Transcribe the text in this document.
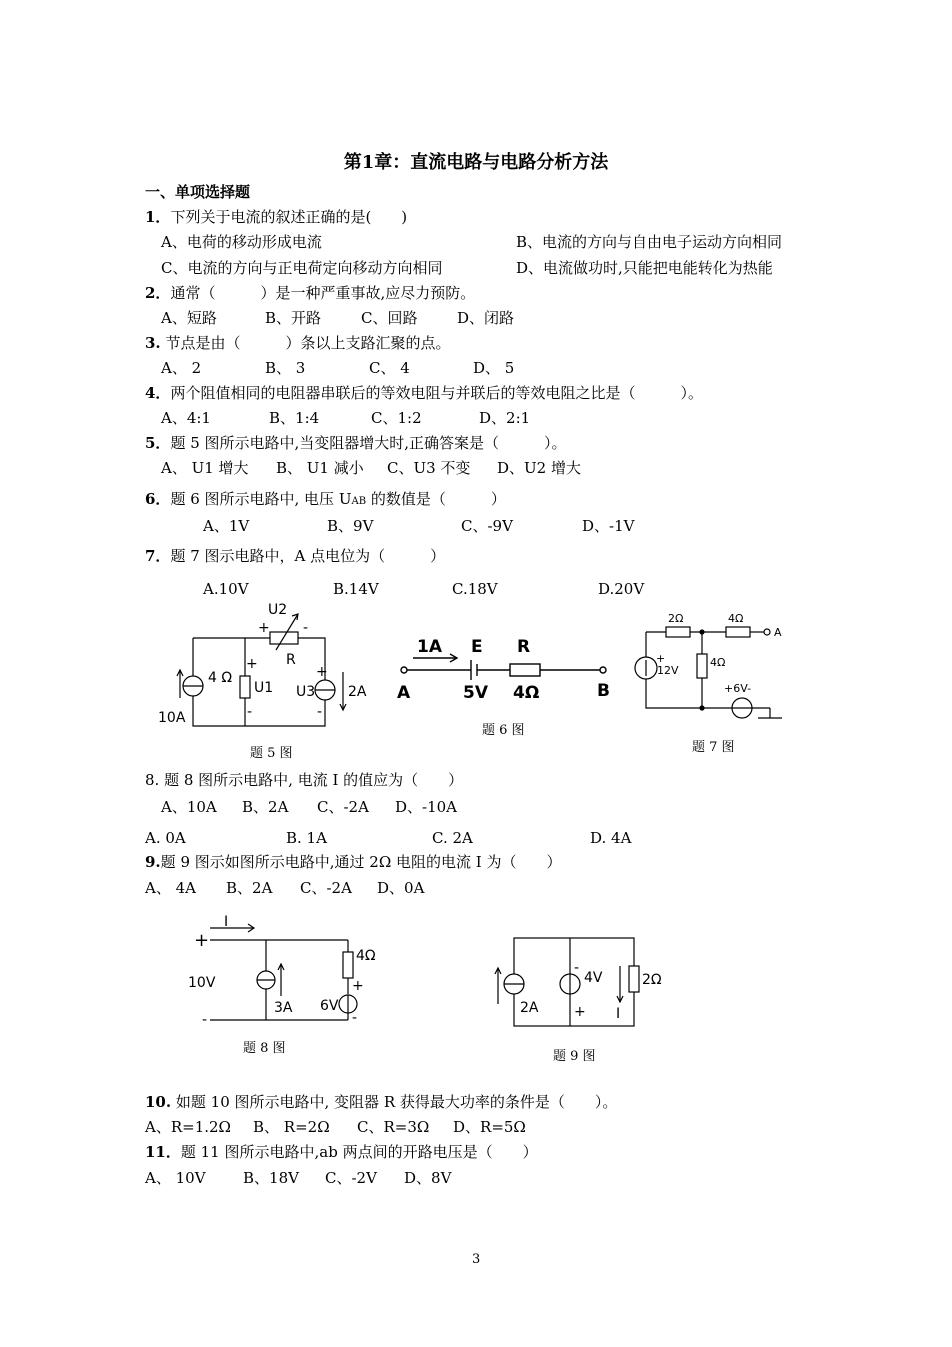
第1章：直流电路与电路分析方法
一、单项选择题
1．下列关于电流的叙述正确的是(　　)
A、电荷的移动形成电流	B、电流的方向与自由电子运动方向相同
C、电流的方向与正电荷定向移动方向相同	D、电流做功时,只能把电能转化为热能
2．通常（　　　）是一种严重事故,应尽力预防。
A、短路	B、开路	C、回路	D、闭路
3. 节点是由（　　　）条以上支路汇聚的点。
A、 2	B、 3	C、 4	D、 5
4．两个阻值相同的电阻器串联后的等效电阻与并联后的等效电阻之比是（　　　）。
A、4:1	B、1:4	C、1:2	D、2:1
5．题 5 图所示电路中,当变阻器增大时,正确答案是（　　　）。
A、 U1 增大 B、 U1 减小 C、U3 不变 D、U2 增大
6．题 6 图所示电路中, 电压 UAB 的数值是（　　　）
A、1V	B、9V	C、-9V	D、-1V
7．题 7 图示电路中，A 点电位为（　　　）
A.10V	B.14V	C.18V	D.20V
U2
+ -
R
4 Ω
+
U1
-
+
U3
-
2A
10A
题 5 图
1A E R
A	5V 4Ω	B
题 6 图
2Ω	4Ω
A
4Ω
+
12V
+6V-
题 7 图
8. 题 8 图所示电路中, 电流 I 的值应为（　　）
A、10A B、2A C、-2A D、-10A
A. 0A	B. 1A	C. 2A	D. 4A
9.题 9 图示如图所示电路中,通过 2Ω 电阻的电流 I 为（　　）
A、 4A B、2A C、-2A D、0A
I
+
10V
-
3A 6V
4Ω
+
-
题 8 图
2A
-
4V
+
2Ω
I
题 9 图
10. 如题 10 图所示电路中, 变阻器 R 获得最大功率的条件是（　　）。
A、R=1.2Ω B、 R=2Ω C、R=3Ω D、R=5Ω
11．题 11 图所示电路中,ab 两点间的开路电压是（　　）
A、 10V B、18V C、-2V D、8V
3
